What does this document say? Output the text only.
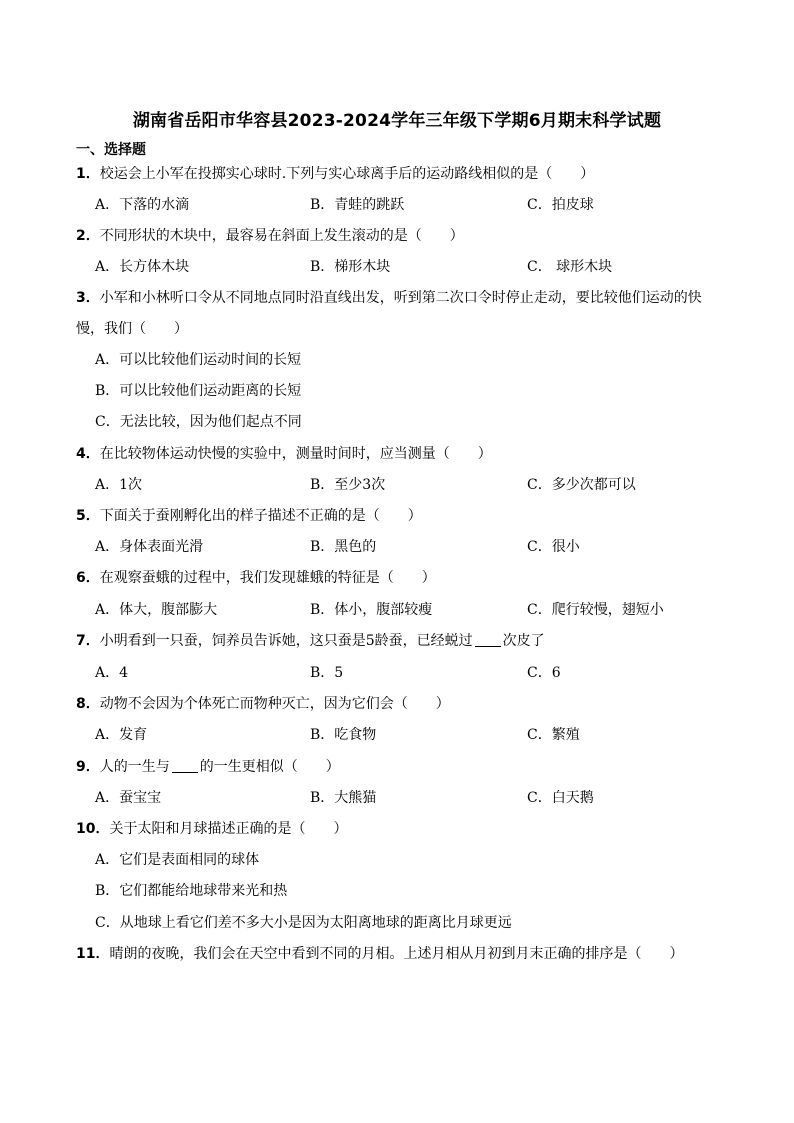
湖南省岳阳市华容县2023-2024学年三年级下学期6月期末科学试题
一、选择题
1．校运会上小军在投掷实心球时.下列与实心球离手后的运动路线相似的是（　　）
A．下落的水滴	B．青蛙的跳跃	C．拍皮球
2．不同形状的木块中，最容易在斜面上发生滚动的是（　　）
A．长方体木块	B．梯形木块	C． 球形木块
3．小军和小林听口令从不同地点同时沿直线出发，听到第二次口令时停止走动，要比较他们运动的快
慢，我们（　　）
A．可以比较他们运动时间的长短
B．可以比较他们运动距离的长短
C．无法比较，因为他们起点不同
4．在比较物体运动快慢的实验中，测量时间时，应当测量（　　）
A．1次	B．至少3次	C．多少次都可以
5．下面关于蚕刚孵化出的样子描述不正确的是（　　）
A．身体表面光滑	B．黑色的	C．很小
6．在观察蚕蛾的过程中，我们发现雄蛾的特征是（　　）
A．体大，腹部膨大	B．体小，腹部较瘦	C．爬行较慢，翅短小
7．小明看到一只蚕，饲养员告诉她，这只蚕是5龄蚕，已经蜕过 次皮了
A．4	B．5	C．6
8．动物不会因为个体死亡而物种灭亡，因为它们会（　　）
A．发育	B．吃食物	C．繁殖
9．人的一生与 的一生更相似（　　）
A．蚕宝宝	B．大熊猫	C．白天鹅
10．关于太阳和月球描述正确的是（　　）
A．它们是表面相同的球体
B．它们都能给地球带来光和热
C．从地球上看它们差不多大小是因为太阳离地球的距离比月球更远
11．晴朗的夜晚，我们会在天空中看到不同的月相。上述月相从月初到月末正确的排序是（　　）
